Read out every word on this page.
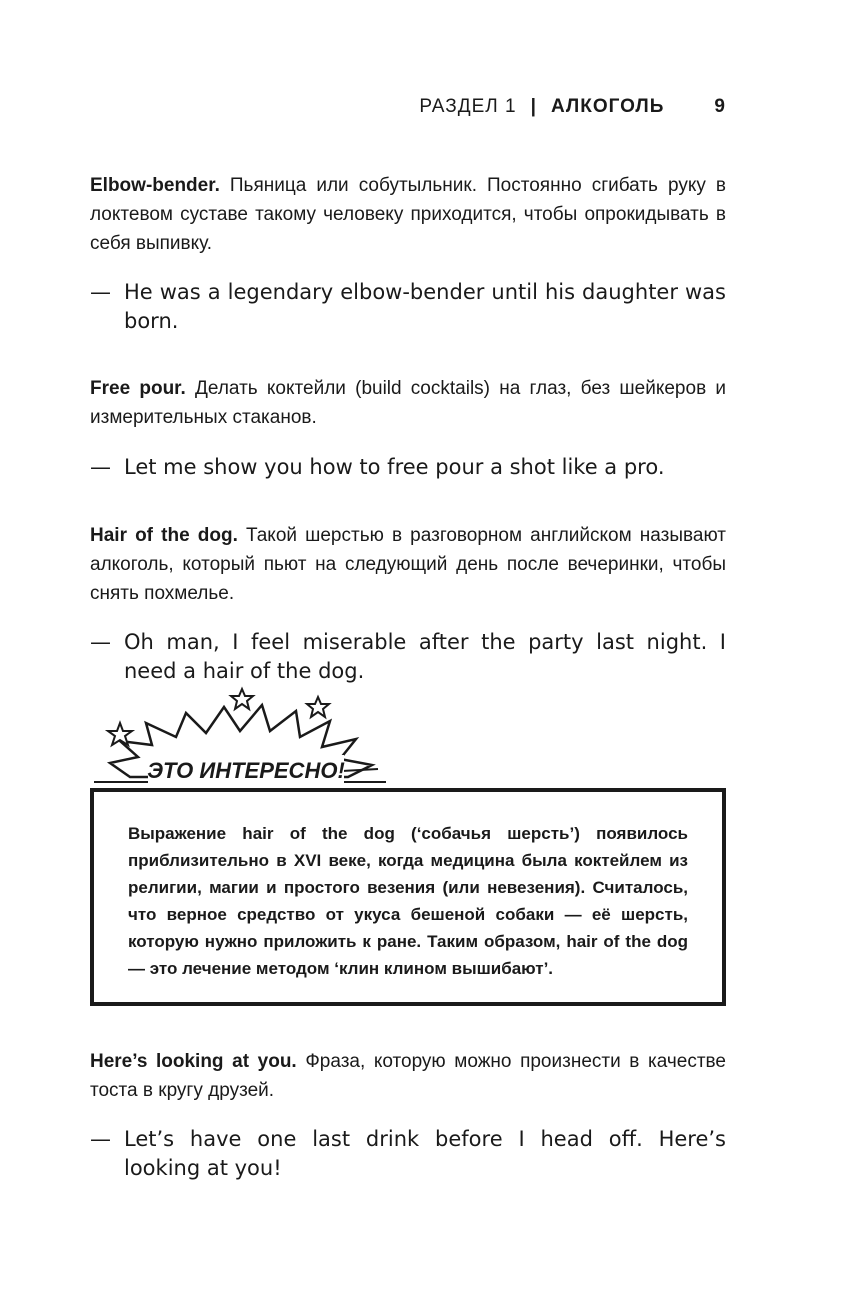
РАЗДЕЛ 1 | АЛКОГОЛЬ	9
Elbow-bender. Пьяница или собутыльник. Постоянно сгибать руку в локтевом суставе такому человеку приходится, чтобы опрокидывать в себя выпивку.
— He was a legendary elbow-bender until his daughter was born.
Free pour. Делать коктейли (build cocktails) на глаз, без шейкеров и измерительных стаканов.
— Let me show you how to free pour a shot like a pro.
Hair of the dog. Такой шерстью в разговорном английском называют алкоголь, который пьют на следующий день после вечеринки, чтобы снять похмелье.
— Oh man, I feel miserable after the party last night. I need a hair of the dog.
ЭТО ИНТЕРЕСНО!
Выражение hair of the dog (‘собачья шерсть’) появилось приблизительно в XVI веке, когда медицина была коктейлем из религии, магии и простого везения (или невезения). Считалось, что верное средство от укуса бешеной собаки — её шерсть, которую нужно приложить к ране. Таким образом, hair of the dog — это лечение методом ‘клин клином вышибают’.
Here’s looking at you. Фраза, которую можно произнести в качестве тоста в кругу друзей.
— Let’s have one last drink before I head off. Here’s looking at you!
